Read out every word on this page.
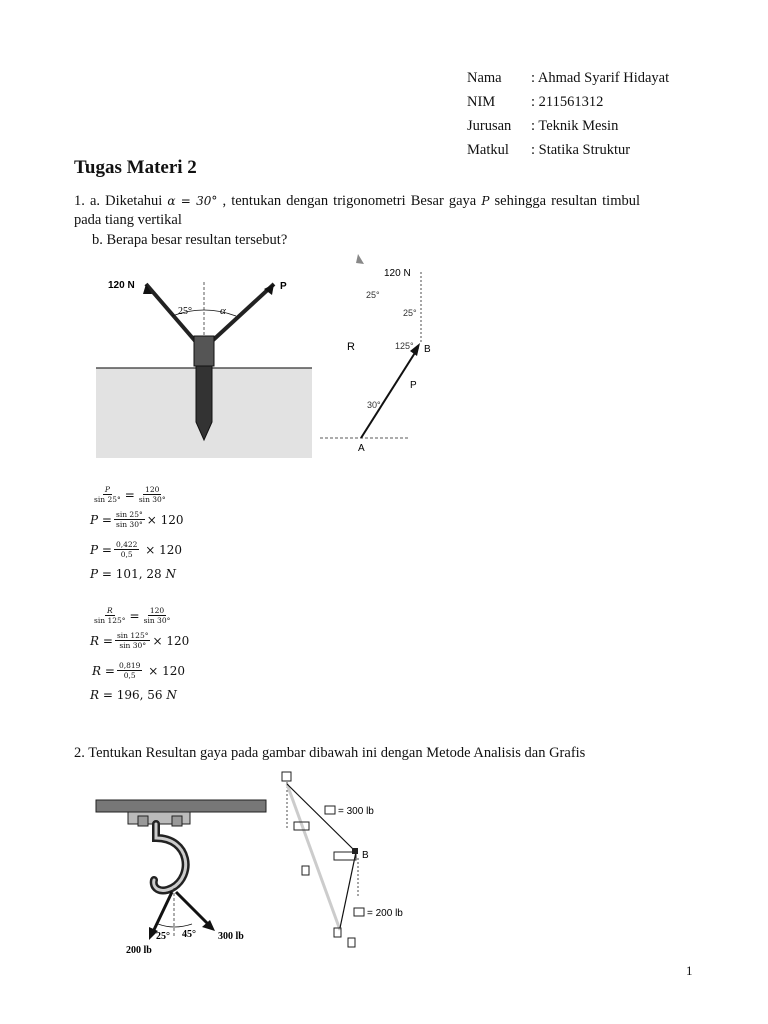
Nama	: Ahmad Syarif Hidayat
NIM	: 211561312
Jurusan	: Teknik Mesin
Matkul	: Statika Struktur
Tugas Materi 2
1. a. Diketahui α = 30° , tentukan dengan trigonometri Besar gaya P sehingga resultan timbul pada tiang vertikal
b. Berapa besar resultan tersebut?
120 N	P
25°	α
120 N
25°
25°
R	125° B
P
30°
A
$\frac{P}{\sin 25^\circ} = \frac{120}{\sin 30^\circ}$
P
= $\frac{\sin 25^\circ}{\sin 30^\circ} \times 120$
P
= $\frac{0,422}{0,5}$
× 120
P
=
101, 28
N
$\frac{R}{\sin 125^\circ} = \frac{120}{\sin 30^\circ}$
R
= $\frac{\sin 125^\circ}{\sin 30^\circ} \times 120$
R
= $\frac{0,819}{0,5}$
× 120
R
=
196, 56
N
2. Tentukan Resultan gaya pada gambar dibawah ini dengan Metode Analisis dan Grafis
25° 45° 300 lb
200 lb
= 300 lb
B
= 200 lb
1
